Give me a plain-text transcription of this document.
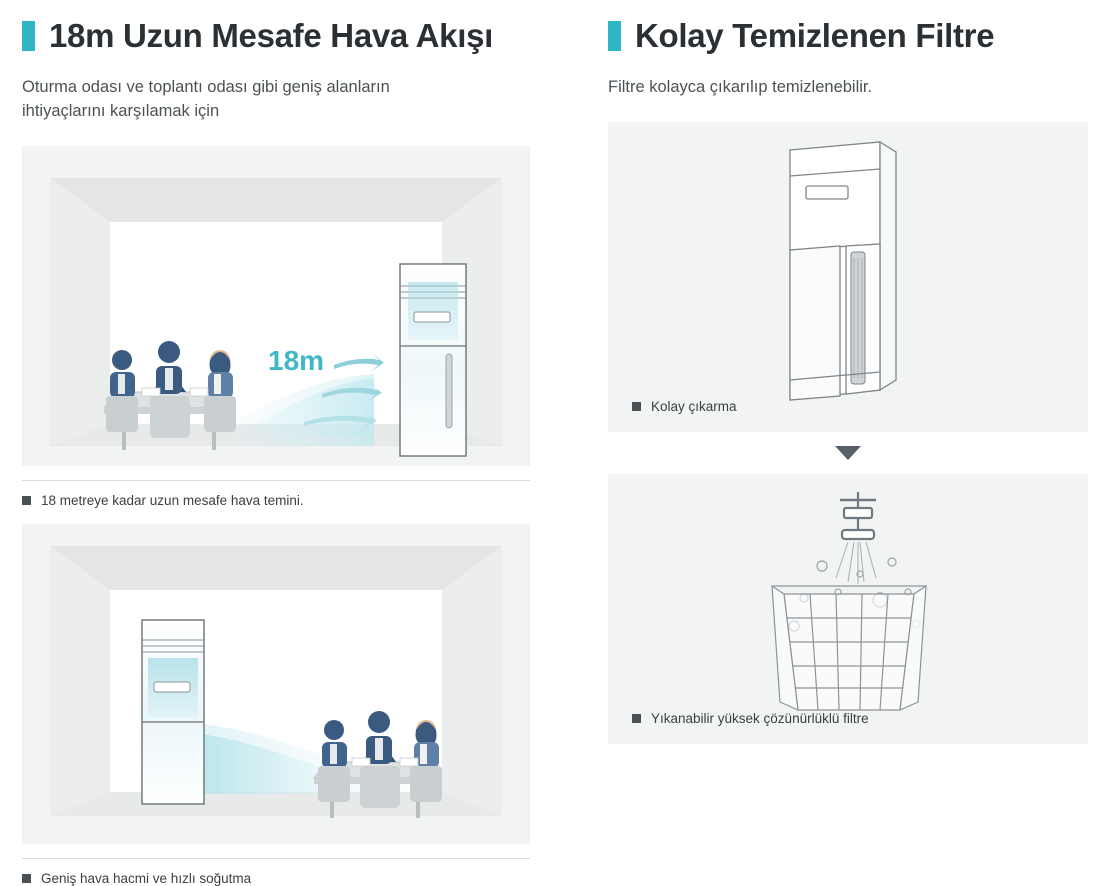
18m Uzun Mesafe Hava Akışı
Oturma odası ve toplantı odası gibi geniş alanların ihtiyaçlarını karşılamak için
18m
18 metreye kadar uzun mesafe hava temini.
Geniş hava hacmi ve hızlı soğutma
Kolay Temizlenen Filtre
Filtre kolayca çıkarılıp temizlenebilir.
Kolay çıkarma
Yıkanabilir yüksek çözünürlüklü filtre
